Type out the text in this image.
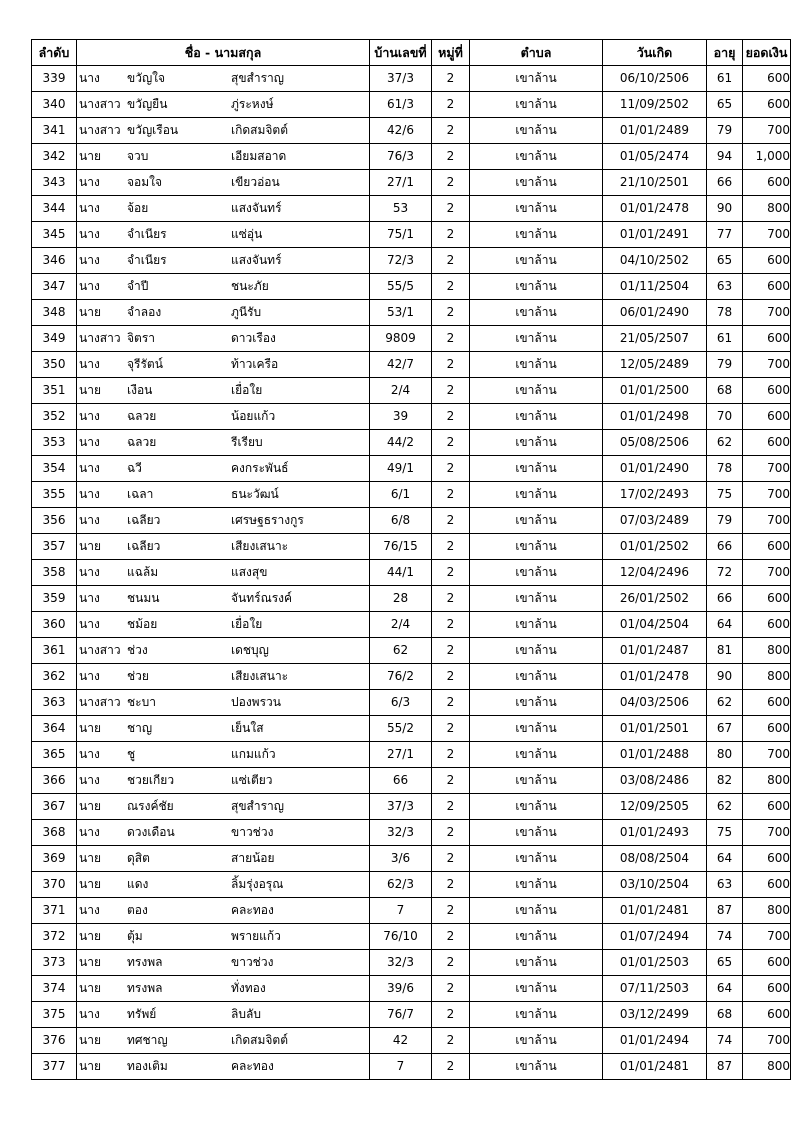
ลำดับ	ชื่อ - นามสกุล	บ้านเลขที่	หมู่ที่	ตำบล	วันเกิด	อายุ	ยอดเงิน
339	นาง ขวัญใจ สุขสำราญ	37/3	2	เขาล้าน	06/10/2506	61	600
340	นางสาว ขวัญยืน ภู่ระหงษ์	61/3	2	เขาล้าน	11/09/2502	65	600
341	นางสาว ขวัญเรือน เกิดสมจิตต์	42/6	2	เขาล้าน	01/01/2489	79	700
342	นาย จวบ เอียมสอาด	76/3	2	เขาล้าน	01/05/2474	94	1,000
343	นาง จอมใจ เขียวอ่อน	27/1	2	เขาล้าน	21/10/2501	66	600
344	นาง จ้อย แสงจันทร์	53	2	เขาล้าน	01/01/2478	90	800
345	นาง จำเนียร แซ่อุ่น	75/1	2	เขาล้าน	01/01/2491	77	700
346	นาง จำเนียร แสงจันทร์	72/3	2	เขาล้าน	04/10/2502	65	600
347	นาง จำปี ชนะภัย	55/5	2	เขาล้าน	01/11/2504	63	600
348	นาย จำลอง ภูนีรับ	53/1	2	เขาล้าน	06/01/2490	78	700
349	นางสาว จิตรา ดาวเรือง	9809	2	เขาล้าน	21/05/2507	61	600
350	นาง จุรีรัตน์ ท้าวเครือ	42/7	2	เขาล้าน	12/05/2489	79	700
351	นาย เงือน เยื่อใย	2/4	2	เขาล้าน	01/01/2500	68	600
352	นาง ฉลวย น้อยแก้ว	39	2	เขาล้าน	01/01/2498	70	600
353	นาง ฉลวย รีเรียบ	44/2	2	เขาล้าน	05/08/2506	62	600
354	นาง ฉวี คงกระพันธ์	49/1	2	เขาล้าน	01/01/2490	78	700
355	นาง เฉลา ธนะวัฒน์	6/1	2	เขาล้าน	17/02/2493	75	700
356	นาง เฉลียว เศรษฐธรางกูร	6/8	2	เขาล้าน	07/03/2489	79	700
357	นาย เฉลียว เสียงเสนาะ	76/15	2	เขาล้าน	01/01/2502	66	600
358	นาง แฉล้ม แสงสุข	44/1	2	เขาล้าน	12/04/2496	72	700
359	นาง ชนมน จันทร์ณรงค์	28	2	เขาล้าน	26/01/2502	66	600
360	นาง ชม้อย เยื่อใย	2/4	2	เขาล้าน	01/04/2504	64	600
361	นางสาว ช่วง เดชบุญ	62	2	เขาล้าน	01/01/2487	81	800
362	นาง ช่วย เสียงเสนาะ	76/2	2	เขาล้าน	01/01/2478	90	800
363	นางสาว ชะบา ปองพรวน	6/3	2	เขาล้าน	04/03/2506	62	600
364	นาย ชาญ เย็นใส	55/2	2	เขาล้าน	01/01/2501	67	600
365	นาง ชู แกมแก้ว	27/1	2	เขาล้าน	01/01/2488	80	700
366	นาง ชวยเกียว แซ่เตียว	66	2	เขาล้าน	03/08/2486	82	800
367	นาย ณรงค์ชัย สุขสำราญ	37/3	2	เขาล้าน	12/09/2505	62	600
368	นาง ดวงเดือน ขาวช่วง	32/3	2	เขาล้าน	01/01/2493	75	700
369	นาย ดุสิต สายน้อย	3/6	2	เขาล้าน	08/08/2504	64	600
370	นาย แดง ลิ้มรุ่งอรุณ	62/3	2	เขาล้าน	03/10/2504	63	600
371	นาง ตอง คละทอง	7	2	เขาล้าน	01/01/2481	87	800
372	นาย ตุ้ม พรายแก้ว	76/10	2	เขาล้าน	01/07/2494	74	700
373	นาย ทรงพล ขาวช่วง	32/3	2	เขาล้าน	01/01/2503	65	600
374	นาย ทรงพล ทั่งทอง	39/6	2	เขาล้าน	07/11/2503	64	600
375	นาง ทรัพย์ ลิบลับ	76/7	2	เขาล้าน	03/12/2499	68	600
376	นาย ทศชาญ เกิดสมจิตต์	42	2	เขาล้าน	01/01/2494	74	700
377	นาย ทองเติม คละทอง	7	2	เขาล้าน	01/01/2481	87	800
